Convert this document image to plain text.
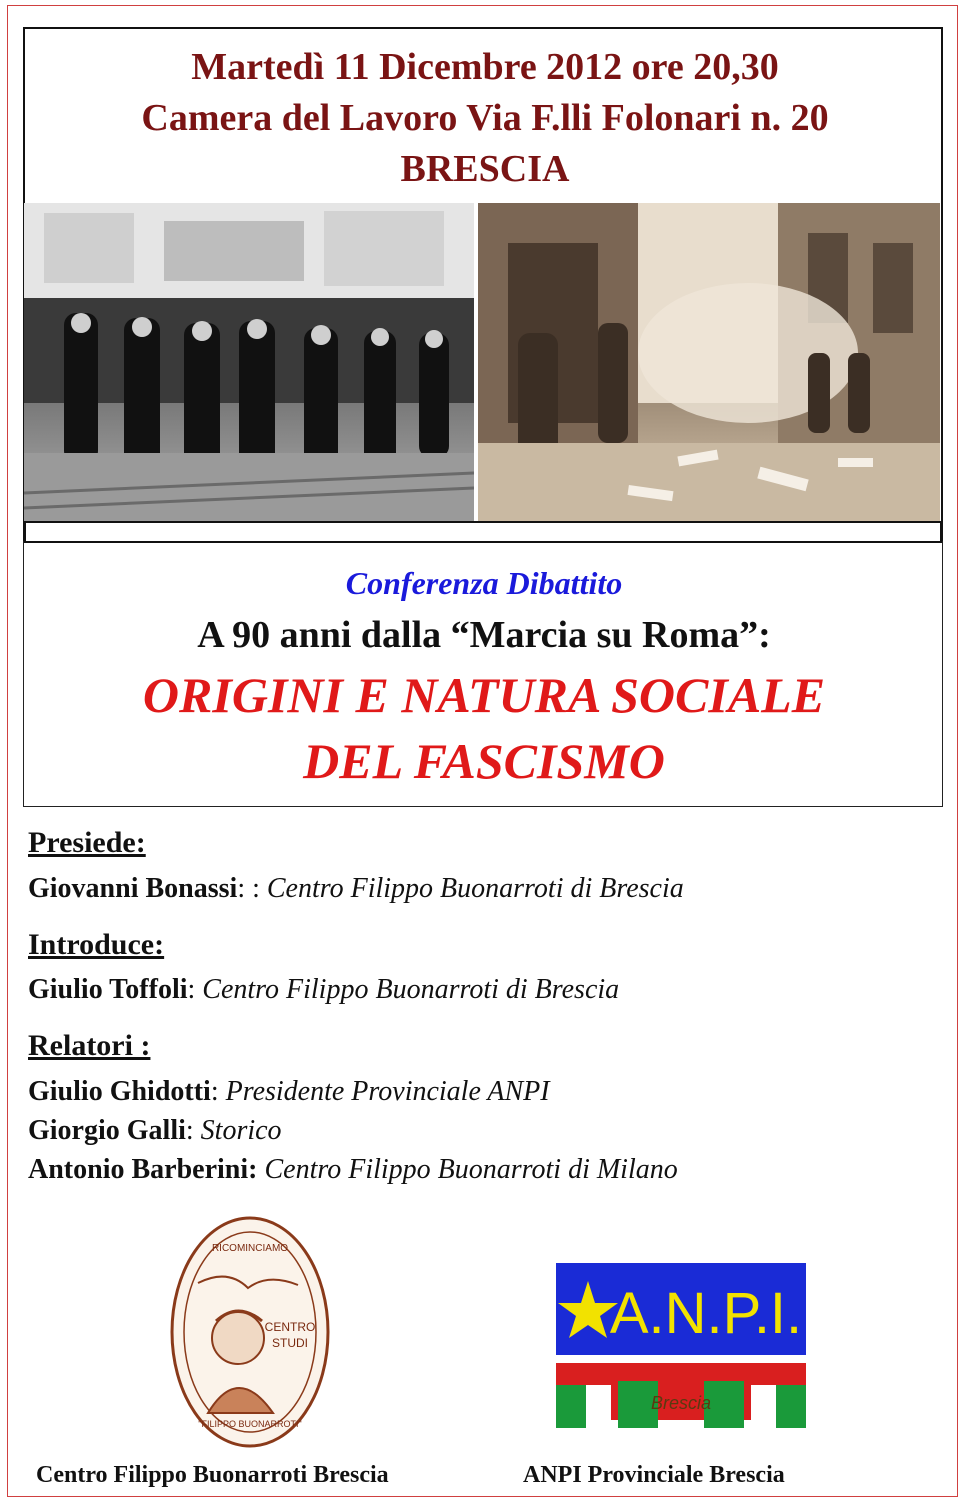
Martedì 11 Dicembre 2012 ore 20,30
Camera del Lavoro Via F.lli Folonari n. 20
BRESCIA
Conferenza Dibattito
A 90 anni dalla “Marcia su Roma”:
ORIGINI E NATURA SOCIALE
DEL FASCISMO
Presiede:
Giovanni Bonassi: : Centro Filippo Buonarroti di Brescia
Introduce:
Giulio Toffoli: Centro Filippo Buonarroti di Brescia
Relatori :
Giulio Ghidotti: Presidente Provinciale ANPI
Giorgio Galli: Storico
Antonio Barberini: Centro Filippo Buonarroti di Milano
RICOMINCIAMO
CENTRO
STUDI
"FILIPPO BUONARROTI"
A.N.P.I.
Brescia
Centro Filippo Buonarroti Brescia	ANPI Provinciale Brescia
